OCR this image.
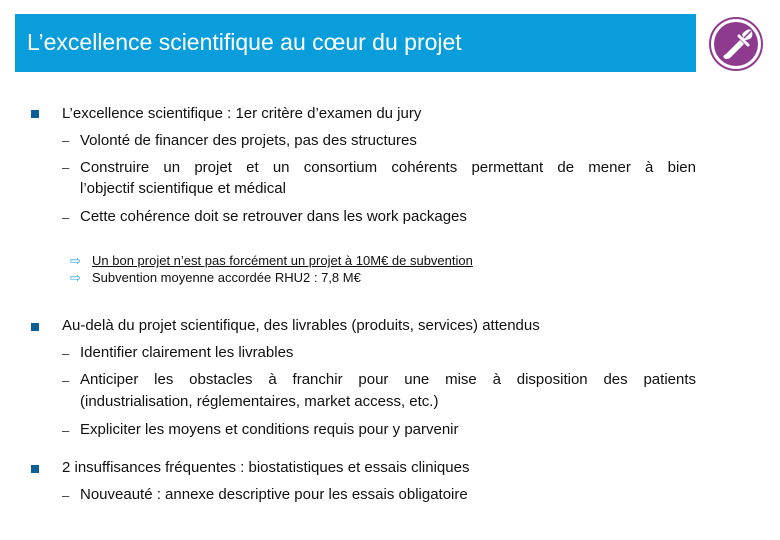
L’excellence scientifique au cœur du projet
L’excellence scientifique : 1er critère d’examen du jury
– Volonté de financer des projets, pas des structures
– Construire un projet et un consortium cohérents permettant de mener à bien
l’objectif scientifique et médical
– Cette cohérence doit se retrouver dans les work packages
⇨ Un bon projet n’est pas forcément un projet à 10M€ de subvention
⇨ Subvention moyenne accordée RHU2 : 7,8 M€
Au-delà du projet scientifique, des livrables (produits, services) attendus
– Identifier clairement les livrables
– Anticiper les obstacles à franchir pour une mise à disposition des patients
(industrialisation, réglementaires, market access, etc.)
– Expliciter les moyens et conditions requis pour y parvenir
2 insuffisances fréquentes : biostatistiques et essais cliniques
– Nouveauté : annexe descriptive pour les essais obligatoire
